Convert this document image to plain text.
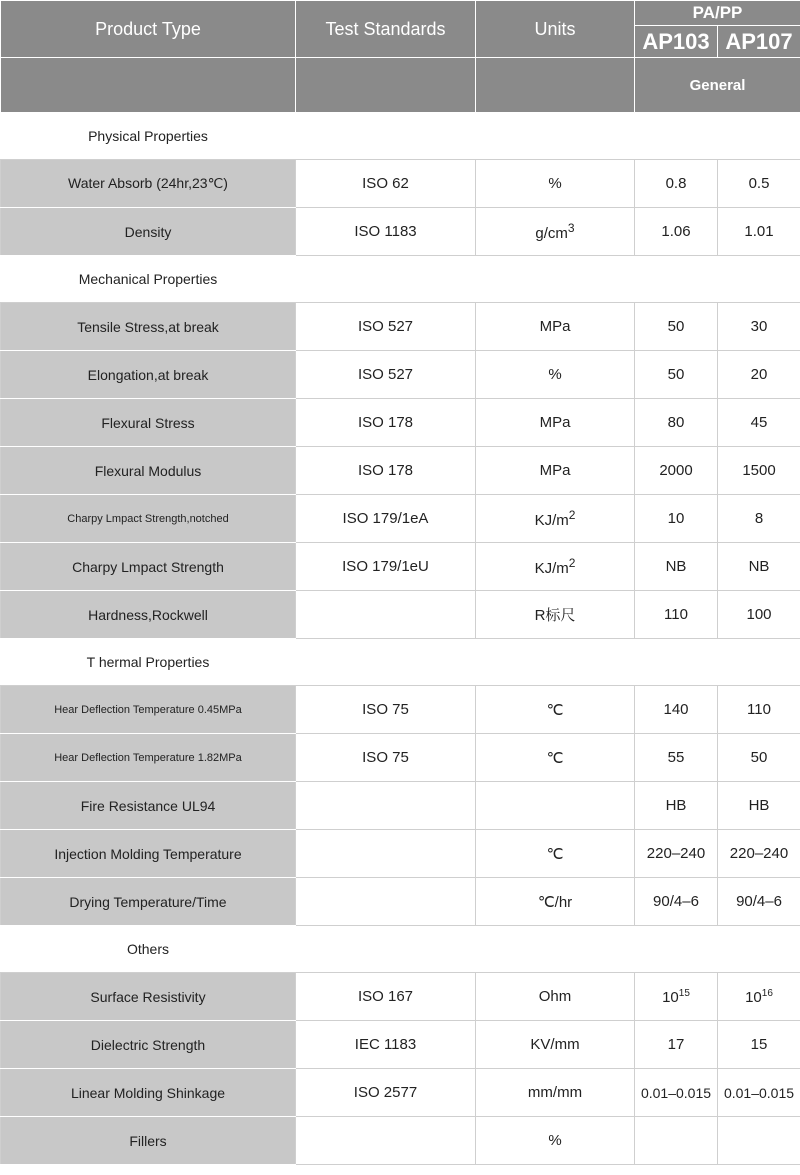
Product Type	Test Standards	Units	PA/PP	
			AP103	AP107
			General	
Physical Properties				
Water Absorb (24hr,23℃)	ISO 62	%	0.8	0.5
Density	ISO 1183	$g/cm^3$	1.06	1.01
Mechanical Properties				
Tensile Stress,at break	ISO 527	MPa	50	30
Elongation,at break	ISO 527	%	50	20
Flexural Stress	ISO 178	MPa	80	45
Flexural Modulus	ISO 178	MPa	2000	1500
Charpy Lmpact Strength,notched	ISO 179/1eA	$KJ/m^2$	10	8
Charpy Lmpact Strength	ISO 179/1eU	$KJ/m^2$	NB	NB
Hardness,Rockwell		R标尺	110	100
T hermal Properties				
Hear Deflection Temperature 0.45MPa	ISO 75	℃	140	110
Hear Deflection Temperature 1.82MPa	ISO 75	℃	55	50
Fire Resistance UL94			HB	HB
Injection Molding Temperature		℃	220–240	220–240
Drying Temperature/Time		℃/hr	90/4–6	90/4–6
Others				
Surface Resistivity	ISO 167	Ohm	$10^{15}$	$10^{16}$
Dielectric Strength	IEC 1183	KV/mm	17	15
Linear Molding Shinkage	ISO 2577	mm/mm	0.01–0.015	0.01–0.015
Fillers		%		
